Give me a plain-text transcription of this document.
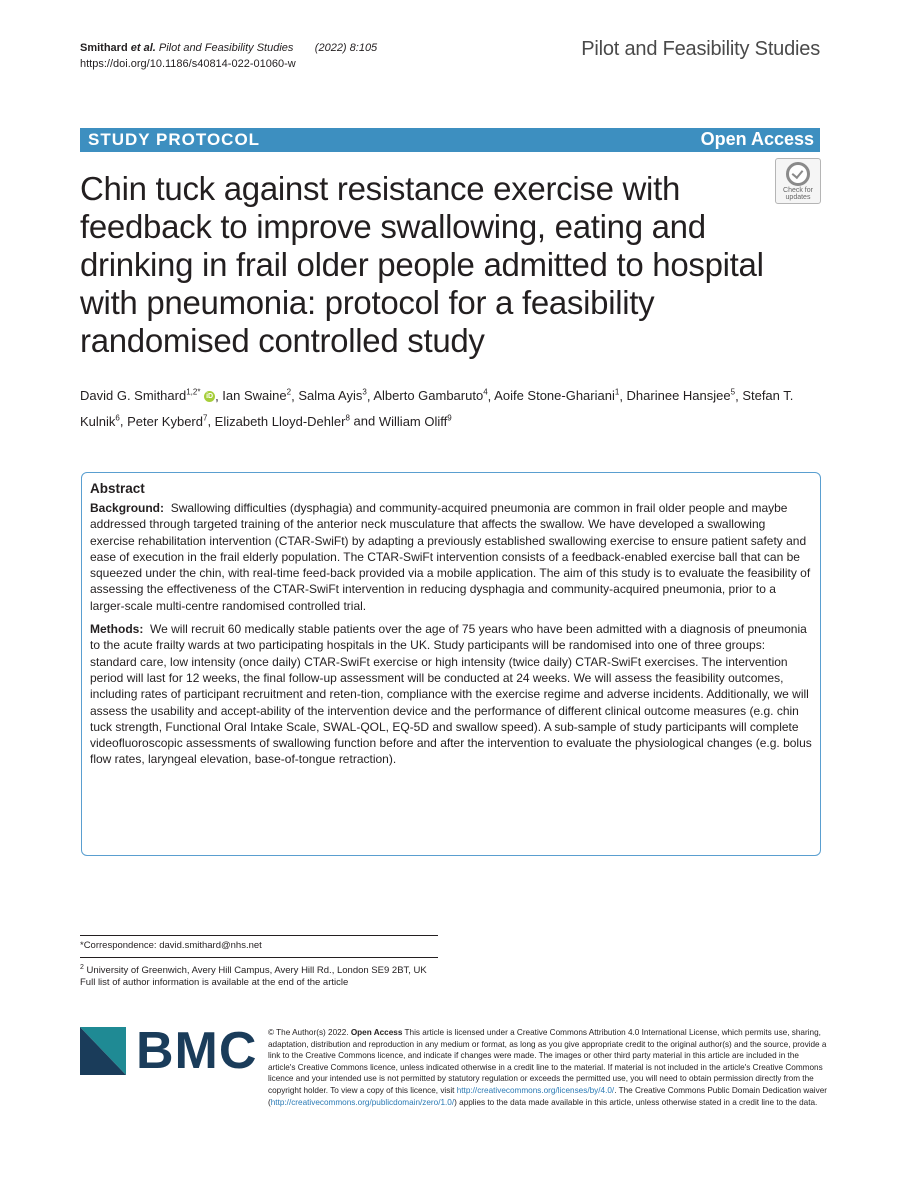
Smithard et al. Pilot and Feasibility Studies (2022) 8:105
https://doi.org/10.1186/s40814-022-01060-w
Pilot and Feasibility Studies
STUDY PROTOCOL	Open Access
Check for
updates
Chin tuck against resistance exercise with feedback to improve swallowing, eating and drinking in frail older people admitted to hospital with pneumonia: protocol for a feasibility randomised controlled study
David G. Smithard$^{1,2*}$ iD , Ian Swaine$^2$, Salma Ayis$^3$, Alberto Gambaruto$^4$, Aoife Stone-Ghariani$^1$, Dharinee Hansjee$^5$, Stefan T. Kulnik$^6$, Peter Kyberd$^7$, Elizabeth Lloyd-Dehler$^8$ and William Oliff$^9$
Abstract

Background: Swallowing difficulties (dysphagia) and community-acquired pneumonia are common in frail older people and maybe addressed through targeted training of the anterior neck musculature that affects the swallow. We have developed a swallowing exercise rehabilitation intervention (CTAR-SwiFt) by adapting a previously established swallowing exercise to ensure patient safety and ease of execution in the frail elderly population. The CTAR-SwiFt intervention consists of a feedback-enabled exercise ball that can be squeezed under the chin, with real-time feed-back provided via a mobile application. The aim of this study is to evaluate the feasibility of assessing the effectiveness of the CTAR-SwiFt intervention in reducing dysphagia and community-acquired pneumonia, prior to a larger-scale multi-centre randomised controlled trial.

Methods: We will recruit 60 medically stable patients over the age of 75 years who have been admitted with a diagnosis of pneumonia to the acute frailty wards at two participating hospitals in the UK. Study participants will be randomised into one of three groups: standard care, low intensity (once daily) CTAR-SwiFt exercise or high intensity (twice daily) CTAR-SwiFt exercises. The intervention period will last for 12 weeks, the final follow-up assessment will be conducted at 24 weeks. We will assess the feasibility outcomes, including rates of participant recruitment and reten-tion, compliance with the exercise regime and adverse incidents. Additionally, we will assess the usability and accept-ability of the intervention device and the performance of different clinical outcome measures (e.g. chin tuck strength, Functional Oral Intake Scale, SWAL-QOL, EQ-5D and swallow speed). A sub-sample of study participants will complete videofluoroscopic assessments of swallowing function before and after the intervention to evaluate the physiological changes (e.g. bolus flow rates, laryngeal elevation, base-of-tongue retraction).

*Correspondence: david.smithard@nhs.net
$^2$ University of Greenwich, Avery Hill Campus, Avery Hill Rd., London SE9 2BT, UK
Full list of author information is available at the end of the article
BMC © The Author(s) 2022. Open Access This article is licensed under a Creative Commons Attribution 4.0 International License, which permits use, sharing, adaptation, distribution and reproduction in any medium or format, as long as you give appropriate credit to the original author(s) and the source, provide a link to the Creative Commons licence, and indicate if changes were made. The images or other third party material in this article are included in the article's Creative Commons licence, unless indicated otherwise in a credit line to the material. If material is not included in the article's Creative Commons licence and your intended use is not permitted by statutory regulation or exceeds the permitted use, you will need to obtain permission directly from the copyright holder. To view a copy of this licence, visit http://creativecommons.org/licenses/by/4.0/. The Creative Commons Public Domain Dedication waiver (http://creativecommons.org/publicdomain/zero/1.0/) applies to the data made available in this article, unless otherwise stated in a credit line to the data.
